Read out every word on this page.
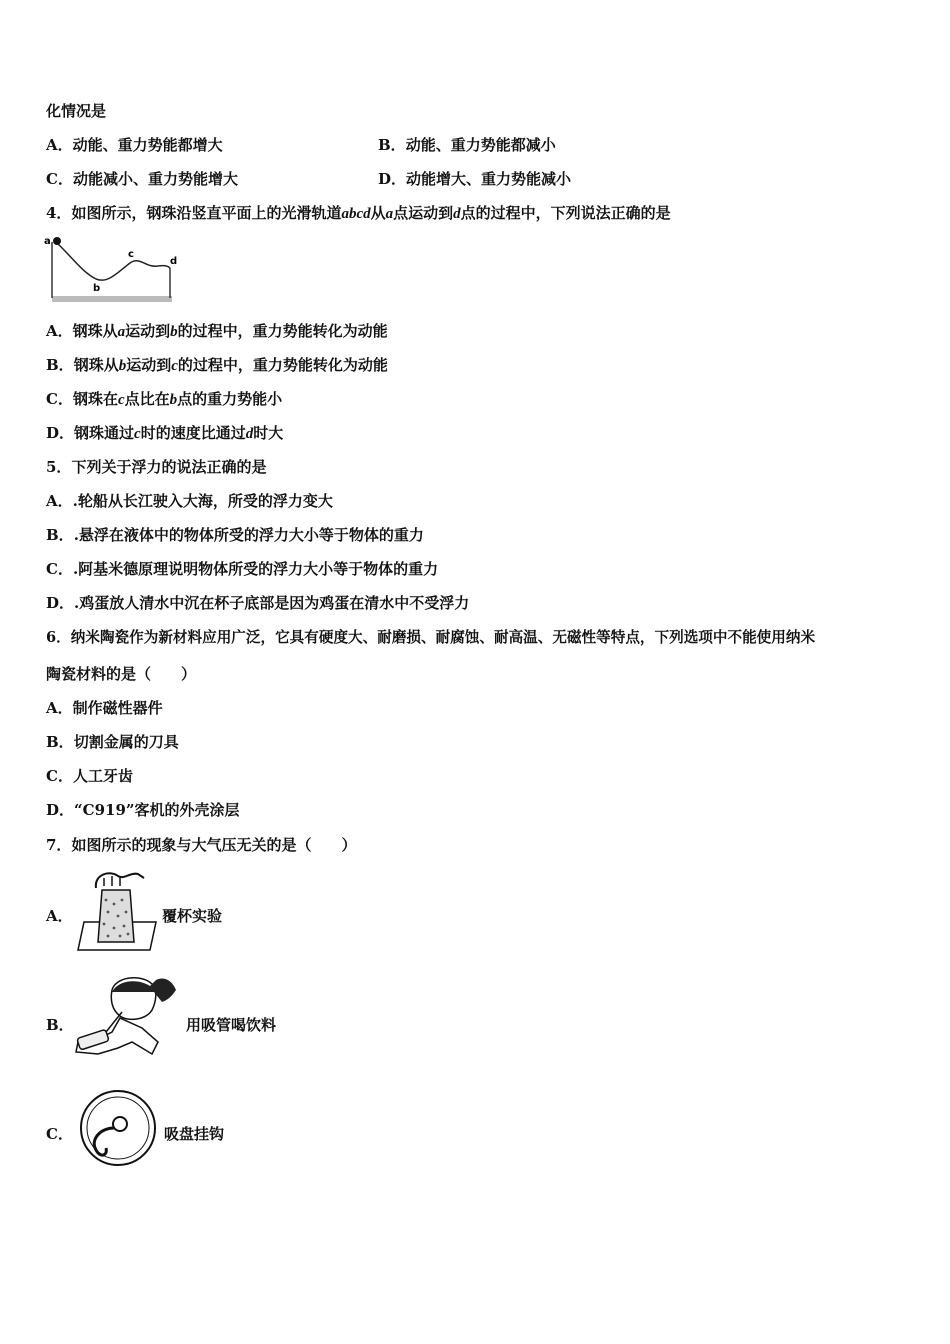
化情况是
A．动能、重力势能都增大	B．动能、重力势能都减小
C．动能减小、重力势能增大	D．动能增大、重力势能减小
4．如图所示，钢珠沿竖直平面上的光滑轨道abcd从a点运动到d点的过程中，下列说法正确的是
a
b
c
d
A．钢珠从a运动到b的过程中，重力势能转化为动能
B．钢珠从b运动到c的过程中，重力势能转化为动能
C．钢珠在c点比在b点的重力势能小
D．钢珠通过c时的速度比通过d时大
5．下列关于浮力的说法正确的是
A．.轮船从长江驶入大海，所受的浮力变大
B．.悬浮在液体中的物体所受的浮力大小等于物体的重力
C．.阿基米德原理说明物体所受的浮力大小等于物体的重力
D．.鸡蛋放人清水中沉在杯子底部是因为鸡蛋在清水中不受浮力
6．纳米陶瓷作为新材料应用广泛，它具有硬度大、耐磨损、耐腐蚀、耐高温、无磁性等特点，下列选项中不能使用纳米
陶瓷材料的是（　　）
A．制作磁性器件
B．切割金属的刀具
C．人工牙齿
D．“C919”客机的外壳涂层
7．如图所示的现象与大气压无关的是（　　）
A．	覆杯实验
B．	用吸管喝饮料
C．	吸盘挂钩
